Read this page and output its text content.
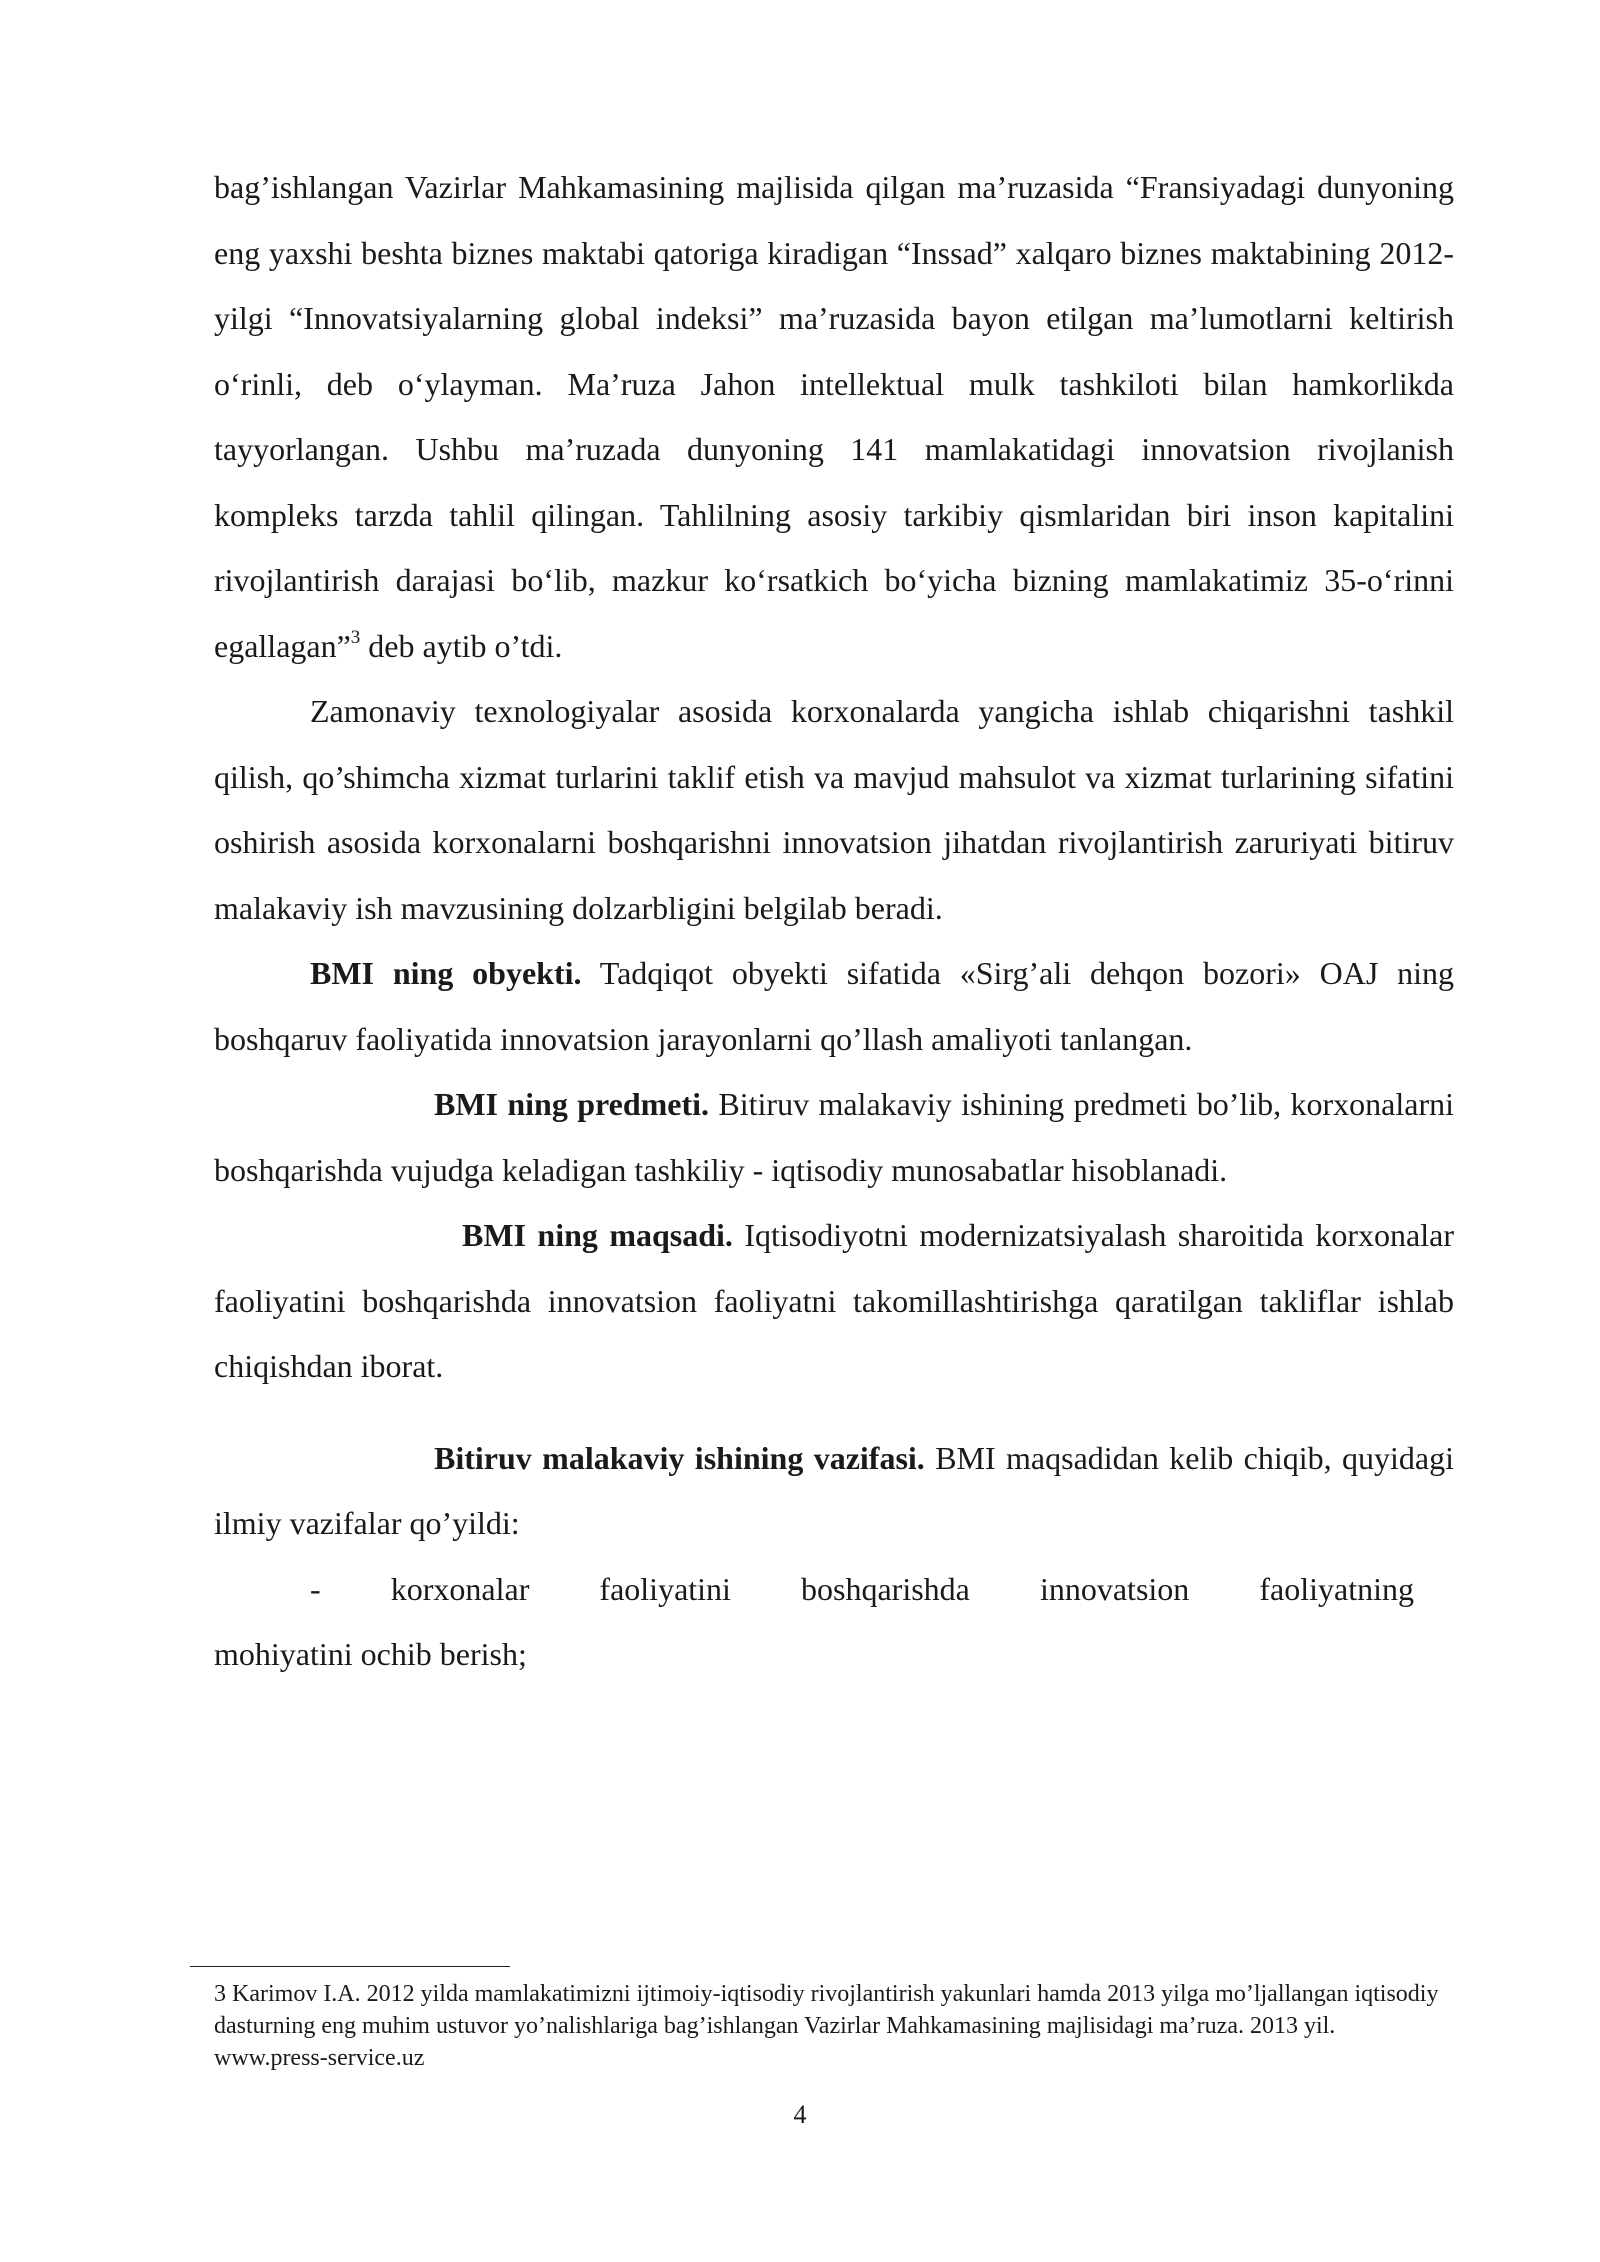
bag’ishlangan Vazirlar Mahkamasining majlisida qilgan ma’ruzasida “Fransiyadagi dunyoning eng yaxshi beshta biznes maktabi qatoriga kiradigan “Inssad” xalqaro biznes maktabining 2012-yilgi “Innovatsiyalarning global indeksi” ma’ruzasida bayon etilgan ma’lumotlarni keltirish o‘rinli, deb o‘ylayman. Ma’ruza Jahon intellektual mulk tashkiloti bilan hamkorlikda tayyorlangan. Ushbu ma’ruzada dunyoning 141 mamlakatidagi innovatsion rivojlanish kompleks tarzda tahlil qilingan. Tahlilning asosiy tarkibiy qismlaridan biri inson kapitalini rivojlantirish darajasi bo‘lib, mazkur ko‘rsatkich bo‘yicha bizning mamlakatimiz 35-o‘rinni egallagan”$^3$ deb aytib o’tdi.

Zamonaviy texnologiyalar asosida korxonalarda yangicha ishlab chiqarishni tashkil qilish, qo’shimcha xizmat turlarini taklif etish va mavjud mahsulot va xizmat turlarining sifatini oshirish asosida korxonalarni boshqarishni innovatsion jihatdan rivojlantirish zaruriyati bitiruv malakaviy ish mavzusining dolzarbligini belgilab beradi.

BMI ning obyekti. Tadqiqot obyekti sifatida «Sirg’ali dehqon bozori» OAJ ning boshqaruv faoliyatida innovatsion jarayonlarni qo’llash amaliyoti tanlangan.

BMI ning predmeti. Bitiruv malakaviy ishining predmeti bo’lib, korxonalarni boshqarishda vujudga keladigan tashkiliy - iqtisodiy munosabatlar hisoblanadi.

BMI ning maqsadi. Iqtisodiyotni modernizatsiyalash sharoitida korxonalar faoliyatini boshqarishda innovatsion faoliyatni takomillashtirishga qaratilgan takliflar ishlab chiqishdan iborat.

Bitiruv malakaviy ishining vazifasi. BMI maqsadidan kelib chiqib, quyidagi ilmiy vazifalar qo’yildi:

- korxonalar faoliyatini boshqarishda innovatsion faoliyatning

mohiyatini ochib berish;

3 Karimov I.A. 2012 yilda mamlakatimizni ijtimoiy-iqtisodiy rivojlantirish yakunlari hamda 2013 yilga mo’ljallangan iqtisodiy dasturning eng muhim ustuvor yo’nalishlariga bag’ishlangan Vazirlar Mahkamasining majlisidagi ma’ruza. 2013 yil. www.press-service.uz
4
